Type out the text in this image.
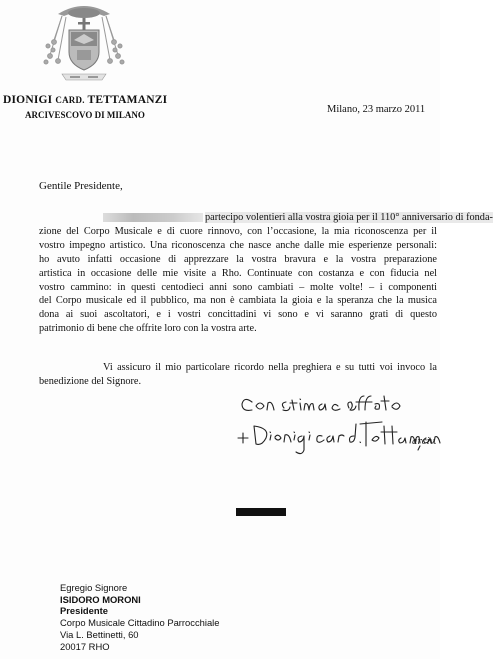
DIONIGI CARD. TETTAMANZI
ARCIVESCOVO DI MILANO	Milano, 23 marzo 2011
Gentile Presidente,
partecipo volentieri alla vostra gioia per il 110° anniversario di fonda-
zione del Corpo Musicale e di cuore rinnovo, con l’occasione, la mia riconoscenza per il
vostro impegno artistico. Una riconoscenza che nasce anche dalle mie esperienze personali:
ho avuto infatti occasione di apprezzare la vostra bravura e la vostra preparazione
artistica in occasione delle mie visite a Rho. Continuate con costanza e con fiducia nel
vostro cammino: in questi centodieci anni sono cambiati – molte volte! – i componenti
del Corpo musicale ed il pubblico, ma non è cambiata la gioia e la speranza che la musica
dona ai suoi ascoltatori, e i vostri concittadini vi sono e vi saranno grati di questo
patrimonio di bene che offrite loro con la vostra arte.
Vi assicuro il mio particolare ricordo nella preghiera e su tutti voi invoco la
benedizione del Signore.
arciv.
Egregio Signore
ISIDORO MORONI
Presidente
Corpo Musicale Cittadino Parrocchiale
Via L. Bettinetti, 60
20017 RHO
